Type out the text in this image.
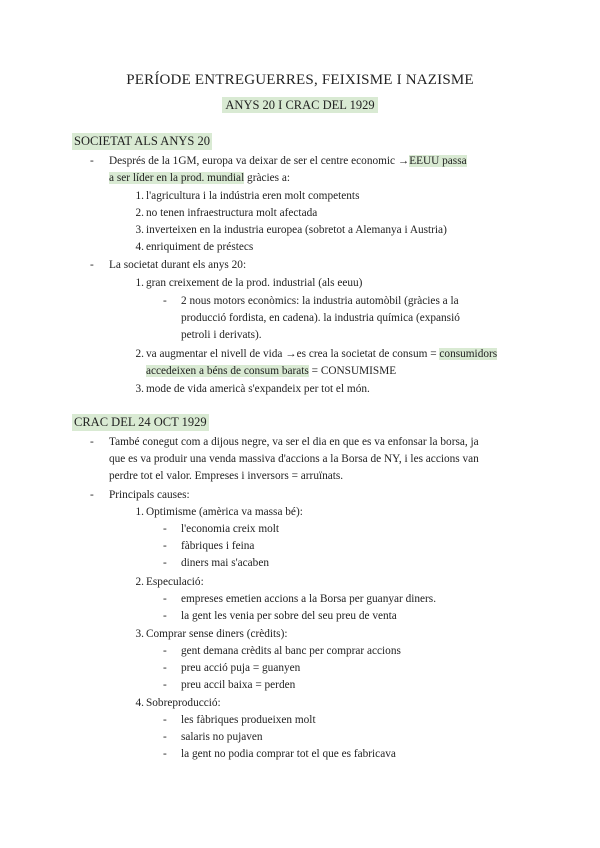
PERÍODE ENTREGUERRES, FEIXISME I NAZISME
ANYS 20 I CRAC DEL 1929
SOCIETAT ALS ANYS 20
- Després de la 1GM, europa va deixar de ser el centre economic →EEUU passa
a ser líder en la prod. mundial gràcies a:
1. l'agricultura i la indústria eren molt competents
2. no tenen infraestructura molt afectada
3. inverteixen en la industria europea (sobretot a Alemanya i Austria)
4. enriquiment de préstecs
- La societat durant els anys 20:
1. gran creixement de la prod. industrial (als eeuu)
- 2 nous motors econòmics: la industria automòbil (gràcies a la
producció fordista, en cadena). la industria química (expansió
petroli i derivats).
2. va augmentar el nivell de vida →es crea la societat de consum = consumidors
accedeixen a béns de consum barats = CONSUMISME
3. mode de vida americà s'expandeix per tot el món.
CRAC DEL 24 OCT 1929
- També conegut com a dijous negre, va ser el dia en que es va enfonsar la borsa, ja
que es va produir una venda massiva d'accions a la Borsa de NY, i les accions van
perdre tot el valor. Empreses i inversors = arruïnats.
- Principals causes:
1. Optimisme (amèrica va massa bé):
- l'economia creix molt
- fàbriques i feina
- diners mai s'acaben
2. Especulació:
- empreses emetien accions a la Borsa per guanyar diners.
- la gent les venia per sobre del seu preu de venta
3. Comprar sense diners (crèdits):
- gent demana crèdits al banc per comprar accions
- preu acció puja = guanyen
- preu accil baixa = perden
4. Sobreproducció:
- les fàbriques produeixen molt
- salaris no pujaven
- la gent no podia comprar tot el que es fabricava
